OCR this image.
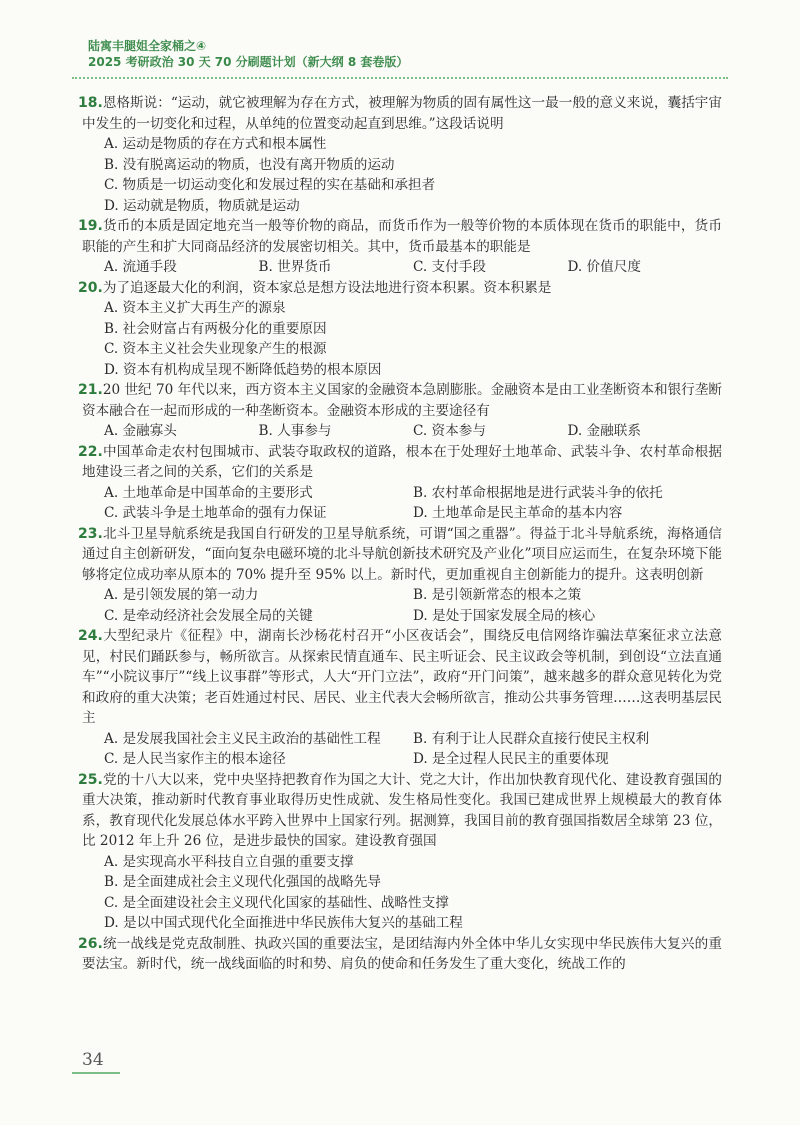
陆寓丰腿姐全家桶之④
2025 考研政治 30 天 70 分刷题计划（新大纲 8 套卷版）
18.恩格斯说：“运动，就它被理解为存在方式，被理解为物质的固有属性这一最一般的意义来说，囊括宇宙中发生的一切变化和过程，从单纯的位置变动起直到思维。”这段话说明
A. 运动是物质的存在方式和根本属性
B. 没有脱离运动的物质，也没有离开物质的运动
C. 物质是一切运动变化和发展过程的实在基础和承担者
D. 运动就是物质，物质就是运动
19.货币的本质是固定地充当一般等价物的商品，而货币作为一般等价物的本质体现在货币的职能中，货币职能的产生和扩大同商品经济的发展密切相关。其中，货币最基本的职能是
A. 流通手段	B. 世界货币	C. 支付手段	D. 价值尺度
20.为了追逐最大化的利润，资本家总是想方设法地进行资本积累。资本积累是
A. 资本主义扩大再生产的源泉
B. 社会财富占有两极分化的重要原因
C. 资本主义社会失业现象产生的根源
D. 资本有机构成呈现不断降低趋势的根本原因
21.20 世纪 70 年代以来，西方资本主义国家的金融资本急剧膨胀。金融资本是由工业垄断资本和银行垄断资本融合在一起而形成的一种垄断资本。金融资本形成的主要途径有
A. 金融寡头	B. 人事参与	C. 资本参与	D. 金融联系
22.中国革命走农村包围城市、武装夺取政权的道路，根本在于处理好土地革命、武装斗争、农村革命根据地建设三者之间的关系，它们的关系是
A. 土地革命是中国革命的主要形式	B. 农村革命根据地是进行武装斗争的依托
C. 武装斗争是土地革命的强有力保证	D. 土地革命是民主革命的基本内容
23.北斗卫星导航系统是我国自行研发的卫星导航系统，可谓“国之重器”。得益于北斗导航系统，海格通信通过自主创新研发，“面向复杂电磁环境的北斗导航创新技术研究及产业化”项目应运而生，在复杂环境下能够将定位成功率从原本的 70% 提升至 95% 以上。新时代，更加重视自主创新能力的提升。这表明创新
A. 是引领发展的第一动力	B. 是引领新常态的根本之策
C. 是牵动经济社会发展全局的关键	D. 是处于国家发展全局的核心
24.大型纪录片《征程》中，湖南长沙杨花村召开“小区夜话会”，围绕反电信网络诈骗法草案征求立法意见，村民们踊跃参与，畅所欲言。从探索民情直通车、民主听证会、民主议政会等机制，到创设“立法直通车”“小院议事厅”“线上议事群”等形式，人大“开门立法”，政府“开门问策”，越来越多的群众意见转化为党和政府的重大决策；老百姓通过村民、居民、业主代表大会畅所欲言，推动公共事务管理……这表明基层民主
A. 是发展我国社会主义民主政治的基础性工程	B. 有利于让人民群众直接行使民主权利
C. 是人民当家作主的根本途径	D. 是全过程人民民主的重要体现
25.党的十八大以来，党中央坚持把教育作为国之大计、党之大计，作出加快教育现代化、建设教育强国的重大决策，推动新时代教育事业取得历史性成就、发生格局性变化。我国已建成世界上规模最大的教育体系，教育现代化发展总体水平跨入世界中上国家行列。据测算，我国目前的教育强国指数居全球第 23 位，比 2012 年上升 26 位，是进步最快的国家。建设教育强国
A. 是实现高水平科技自立自强的重要支撑
B. 是全面建成社会主义现代化强国的战略先导
C. 是全面建设社会主义现代化国家的基础性、战略性支撑
D. 是以中国式现代化全面推进中华民族伟大复兴的基础工程
26.统一战线是党克敌制胜、执政兴国的重要法宝，是团结海内外全体中华儿女实现中华民族伟大复兴的重要法宝。新时代，统一战线面临的时和势、肩负的使命和任务发生了重大变化，统战工作的
34
